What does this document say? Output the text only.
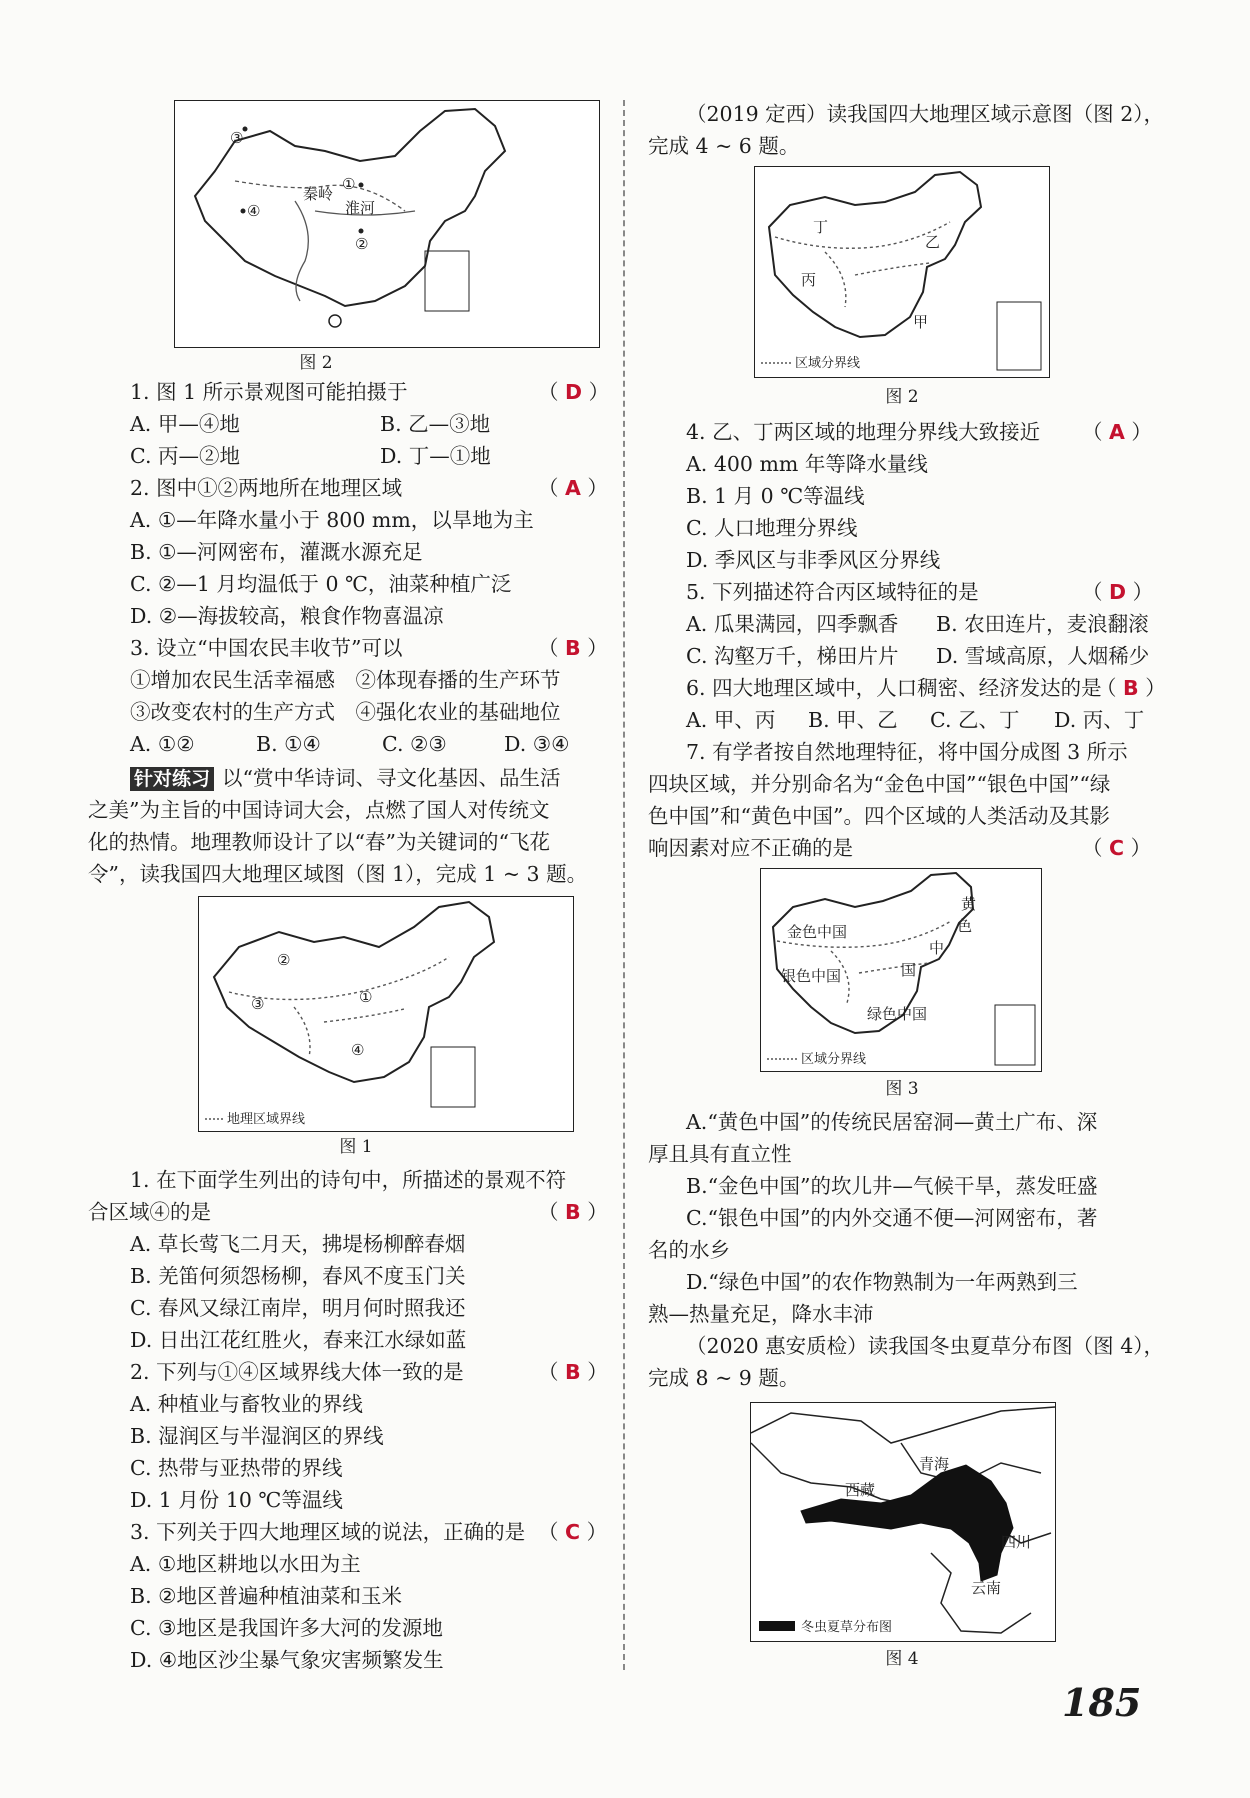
③
①
④
②
秦岭
淮河
图 2
1. 图 1 所示景观图可能拍摄于	（ D ）
A. 甲—④地	B. 乙—③地
C. 丙—②地	D. 丁—①地
2. 图中①②两地所在地理区域	（ A ）
A. ①—年降水量小于 800 mm，以旱地为主
B. ①—河网密布，灌溉水源充足
C. ②—1 月均温低于 0 ℃，油菜种植广泛
D. ②—海拔较高，粮食作物喜温凉
3. 设立“中国农民丰收节”可以	（ B ）
①增加农民生活幸福感　②体现春播的生产环节
③改变农村的生产方式　④强化农业的基础地位
A. ①②	B. ①④	C. ②③	D. ③④
针对练习 以“赏中华诗词、寻文化基因、品生活
之美”为主旨的中国诗词大会，点燃了国人对传统文
化的热情。地理教师设计了以“春”为关键词的“飞花
令”，读我国四大地理区域图（图 1），完成 1 ~ 3 题。
②
③	①
④
地理区域界线
图 1
1. 在下面学生列出的诗句中，所描述的景观不符
合区域④的是	（ B ）
A. 草长莺飞二月天，拂堤杨柳醉春烟
B. 羌笛何须怨杨柳，春风不度玉门关
C. 春风又绿江南岸，明月何时照我还
D. 日出江花红胜火，春来江水绿如蓝
2. 下列与①④区域界线大体一致的是	（ B ）
A. 种植业与畜牧业的界线
B. 湿润区与半湿润区的界线
C. 热带与亚热带的界线
D. 1 月份 10 ℃等温线
3. 下列关于四大地理区域的说法，正确的是 （ C ）
A. ①地区耕地以水田为主
B. ②地区普遍种植油菜和玉米
C. ③地区是我国许多大河的发源地
D. ④地区沙尘暴气象灾害频繁发生
（2019 定西）读我国四大地理区域示意图（图 2），
完成 4 ~ 6 题。
丁
乙
丙
甲
区域分界线
图 2
4. 乙、丁两区域的地理分界线大致接近 （ A ）
A. 400 mm 年等降水量线
B. 1 月 0 ℃等温线
C. 人口地理分界线
D. 季风区与非季风区分界线
5. 下列描述符合丙区域特征的是	（ D ）
A. 瓜果满园，四季飘香 B. 农田连片，麦浪翻滚
C. 沟壑万千，梯田片片 D. 雪域高原，人烟稀少
6. 四大地理区域中，人口稠密、经济发达的是
（ B ）
A. 甲、丙 B. 甲、乙 C. 乙、丁 D. 丙、丁
7. 有学者按自然地理特征，将中国分成图 3 所示
四块区域，并分别命名为“金色中国”“银色中国”“绿
色中国”和“黄色中国”。四个区域的人类活动及其影
响因素对应不正确的是	（ C ）
金色中国
银色中国
绿色中国
黄
色
中
国
区域分界线
图 3
A.“黄色中国”的传统民居窑洞—黄土广布、深
厚且具有直立性
B.“金色中国”的坎儿井—气候干旱，蒸发旺盛
C.“银色中国”的内外交通不便—河网密布，著
名的水乡
D.“绿色中国”的农作物熟制为一年两熟到三
熟—热量充足，降水丰沛
（2020 惠安质检）读我国冬虫夏草分布图（图 4），
完成 8 ~ 9 题。
青海
西藏
四川
云南
冬虫夏草分布图
图 4
185
